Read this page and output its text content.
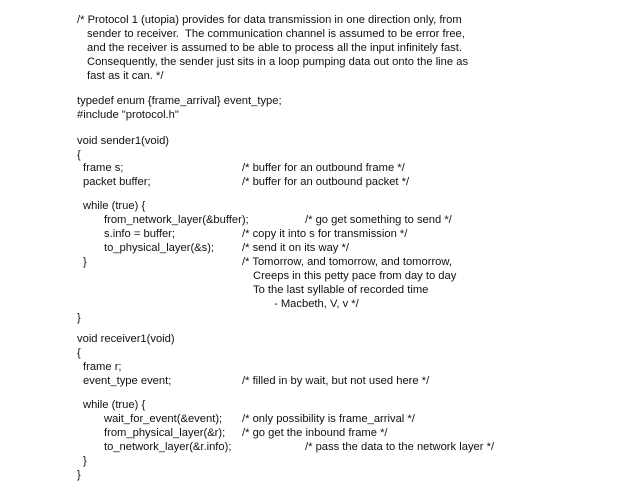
/* Protocol 1 (utopia) provides for data transmission in one direction only, from
sender to receiver.  The communication channel is assumed to be error free,
and the receiver is assumed to be able to process all the input infinitely fast.
Consequently, the sender just sits in a loop pumping data out onto the line as
fast as it can. */
typedef enum {frame_arrival} event_type;
#include "protocol.h"
void sender1(void)
{
frame s;	/* buffer for an outbound frame */
packet buffer;	/* buffer for an outbound packet */
while (true) {
from_network_layer(&buffer);	/* go get something to send */
s.info = buffer;	/* copy it into s for transmission */
to_physical_layer(&s); /* send it on its way */
}	/* Tomorrow, and tomorrow, and tomorrow,
Creeps in this petty pace from day to day
To the last syllable of recorded time
- Macbeth, V, v */
}
void receiver1(void)
{
frame r;
event_type event;	/* filled in by wait, but not used here */
while (true) {
wait_for_event(&event); /* only possibility is frame_arrival */
from_physical_layer(&r); /* go get the inbound frame */
to_network_layer(&r.info);	/* pass the data to the network layer */
}
}
